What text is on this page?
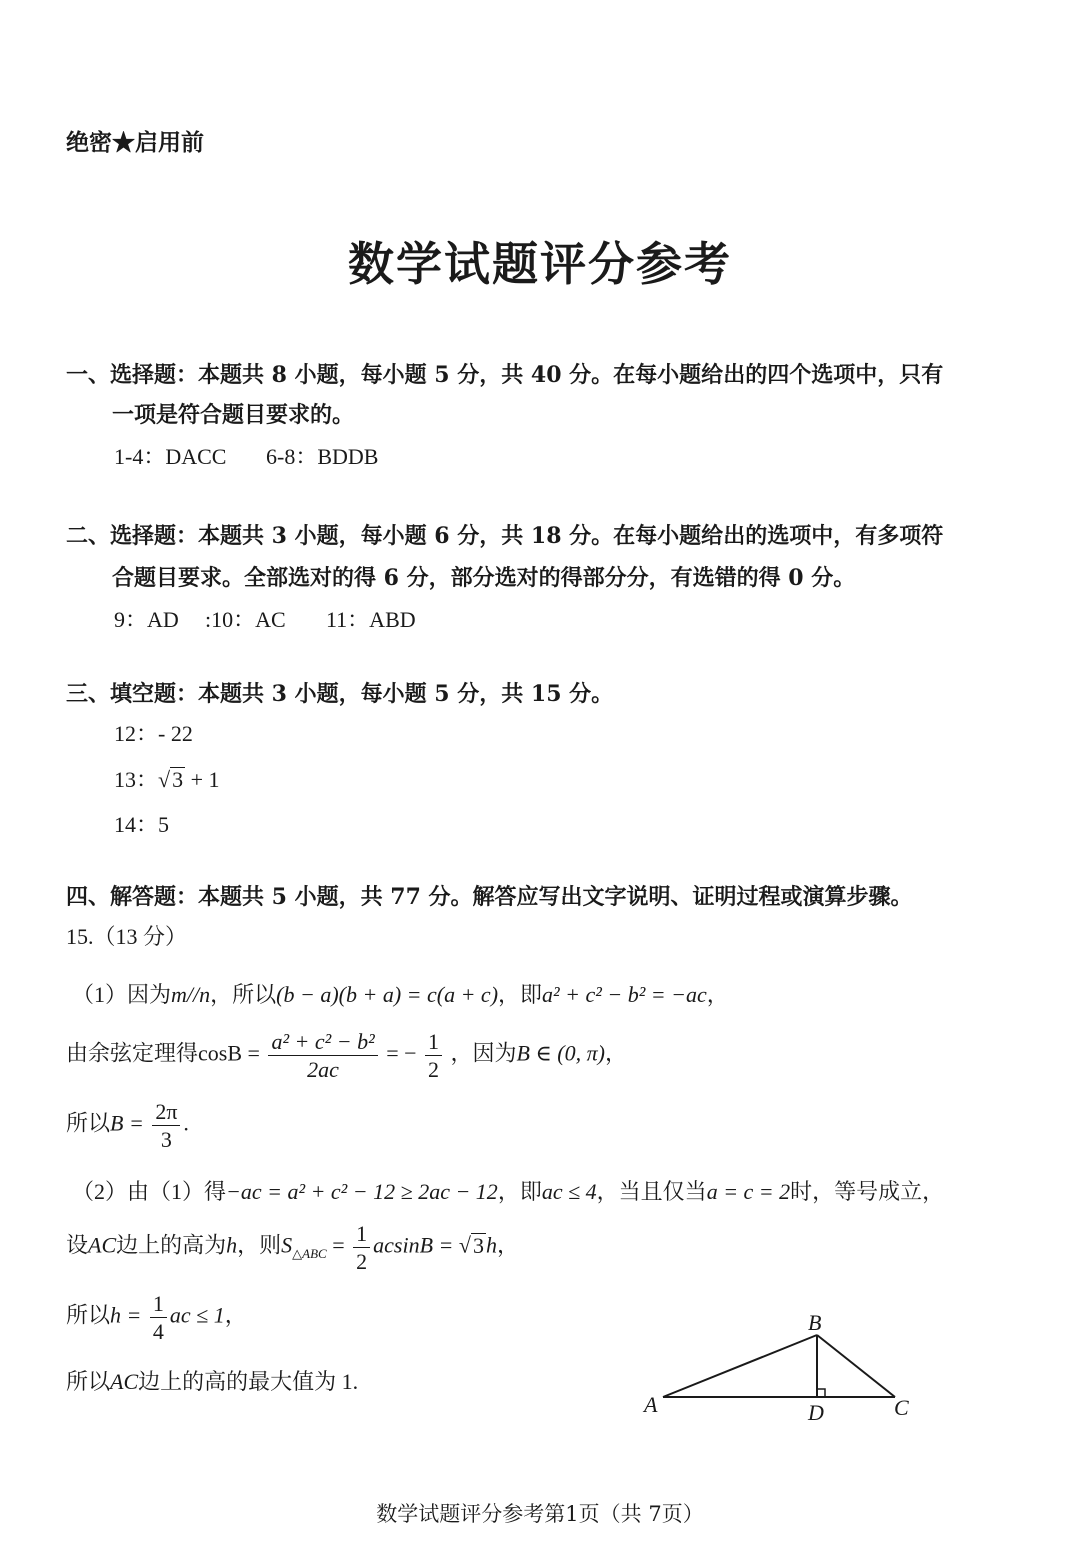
绝密★启用前
数学试题评分参考
一、选择题：本题共 8 小题，每小题 5 分，共 40 分。在每小题给出的四个选项中，只有
一项是符合题目要求的。
1-4：DACC 6-8：BDDB
二、选择题：本题共 3 小题，每小题 6 分，共 18 分。在每小题给出的选项中，有多项符
合题目要求。全部选对的得 6 分，部分选对的得部分分，有选错的得 0 分。
9：AD :10：AC 11：ABD
三、填空题：本题共 3 小题，每小题 5 分，共 15 分。
12：- 22
13：√3 + 1
14：5
四、解答题：本题共 5 小题，共 77 分。解答应写出文字说明、证明过程或演算步骤。
15.（13 分）
（1）因为m//n，所以(b − a)(b + a) = c(a + c)，即a² + c² − b² = −ac，
由余弦定理得$\cos B = \frac{\text{a² + c² − b²}}{2ac}$ = − $\frac{1}{2}$ ，因为B ∈ (0, π)，
所以$B = \frac{2\pi}{3}$ .
（2）由（1）得−ac = a² + c² − 12 ≥ 2ac − 12，即ac ≤ 4，当且仅当a = c = 2时，等号成立，
设AC边上的高为h，则$S_{\triangle ABC} = \frac{1}{2}$ acsinB = √3h，
所以$h = \frac{1}{4}$ ac ≤ 1，
所以AC边上的高的最大值为 1.
A
B
C
D
数学试题评分参考第1页（共 7页）
